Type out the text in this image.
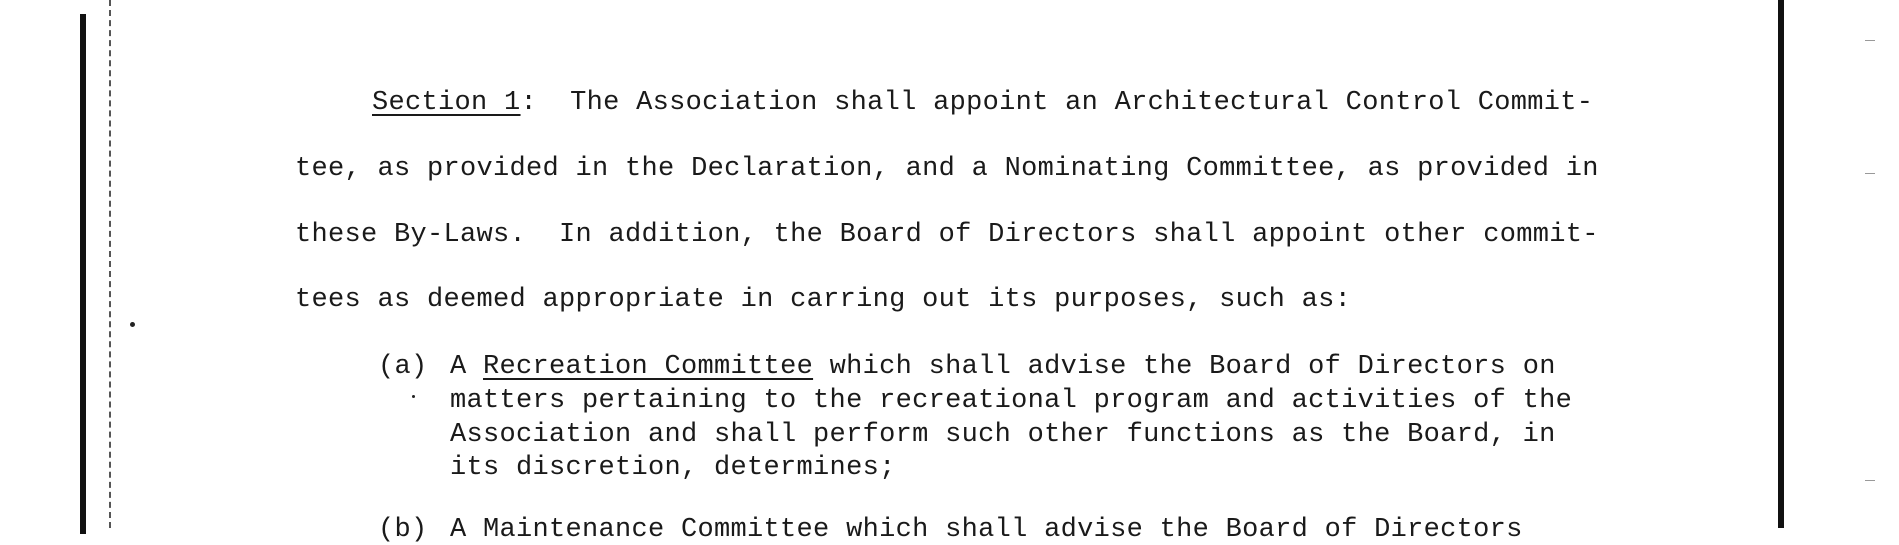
Section 1: The Association shall appoint an Architectural Control Commit-
tee, as provided in the Declaration, and a Nominating Committee, as provided in
these By-Laws.  In addition, the Board of Directors shall appoint other commit-
tees as deemed appropriate in carring out its purposes, such as:
(a) A Recreation Committee which shall advise the Board of Directors on
matters pertaining to the recreational program and activities of the
Association and shall perform such other functions as the Board, in
its discretion, determines;
(b) A Maintenance Committee which shall advise the Board of Directors
